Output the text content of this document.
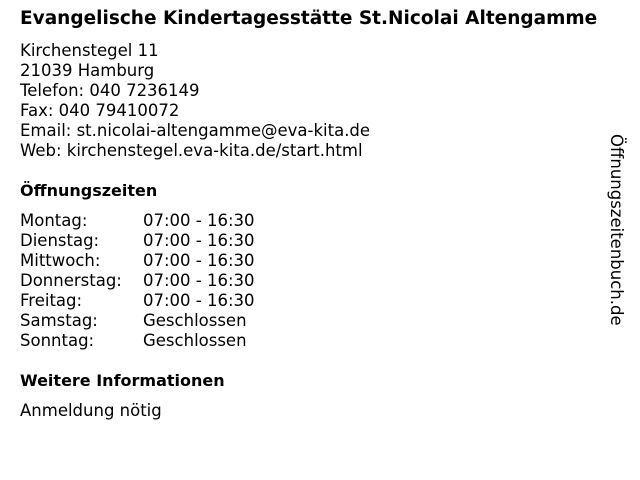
Evangelische Kindertagesstätte St.Nicolai Altengamme
Kirchenstegel 11
21039 Hamburg
Telefon: 040 7236149
Fax: 040 79410072
Email: st.nicolai-altengamme@eva-kita.de
Web: kirchenstegel.eva-kita.de/start.html
Öffnungszeiten
Montag:	07:00 - 16:30
Dienstag:	07:00 - 16:30
Mittwoch:	07:00 - 16:30
Donnerstag:	07:00 - 16:30
Freitag:	07:00 - 16:30
Samstag:	Geschlossen
Sonntag:	Geschlossen
Weitere Informationen
Anmeldung nötig
Öffnungszeitenbuch.de
